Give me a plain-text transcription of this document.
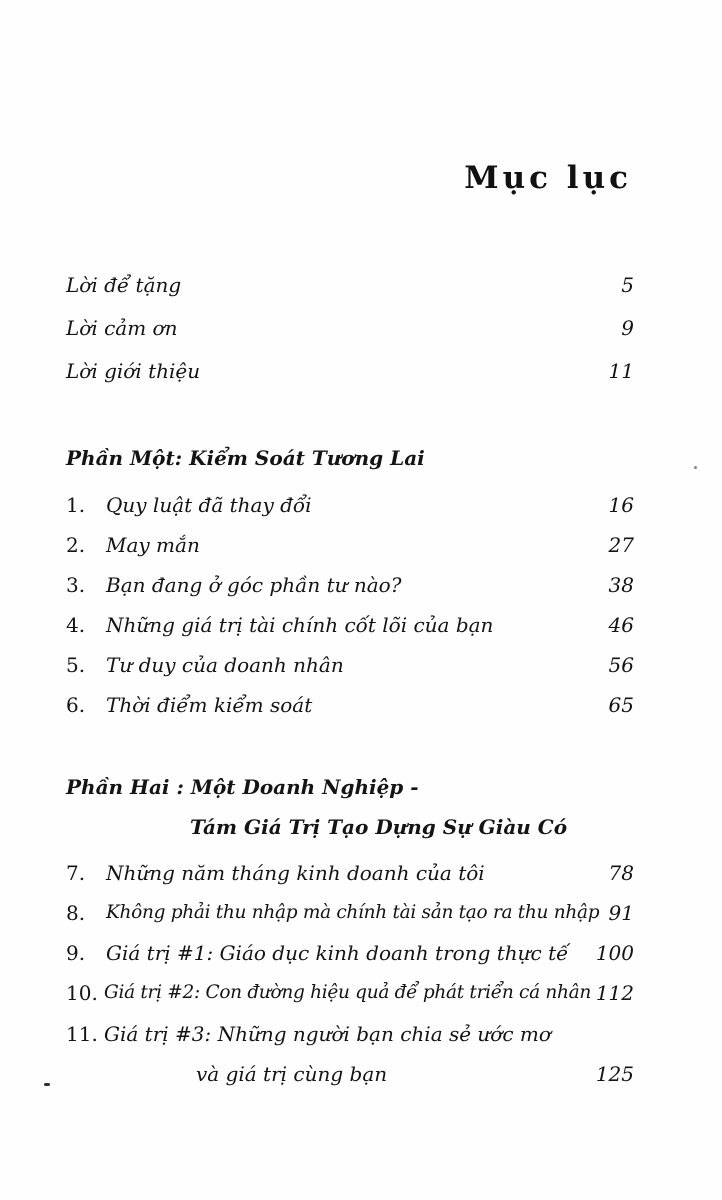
Mục lục
Lời để tặng	5
Lời cảm ơn	9
Lời giới thiệu	11
Phần Một: Kiểm Soát Tương Lai
1. Quy luật đã thay đổi	16
2. May mắn	27
3. Bạn đang ở góc phần tư nào?	38
4. Những giá trị tài chính cốt lõi của bạn	46
5. Tư duy của doanh nhân	56
6. Thời điểm kiểm soát	65
Phần Hai : Một Doanh Nghiệp -
Tám Giá Trị Tạo Dựng Sự Giàu Có
7. Những năm tháng kinh doanh của tôi	78
8. Không phải thu nhập mà chính tài sản tạo ra thu nhập 91
9. Giá trị #1: Giáo dục kinh doanh trong thực tế 100
10. Giá trị #2: Con đường hiệu quả để phát triển cá nhân 112
11. Giá trị #3: Những người bạn chia sẻ ước mơ
và giá trị cùng bạn	125
